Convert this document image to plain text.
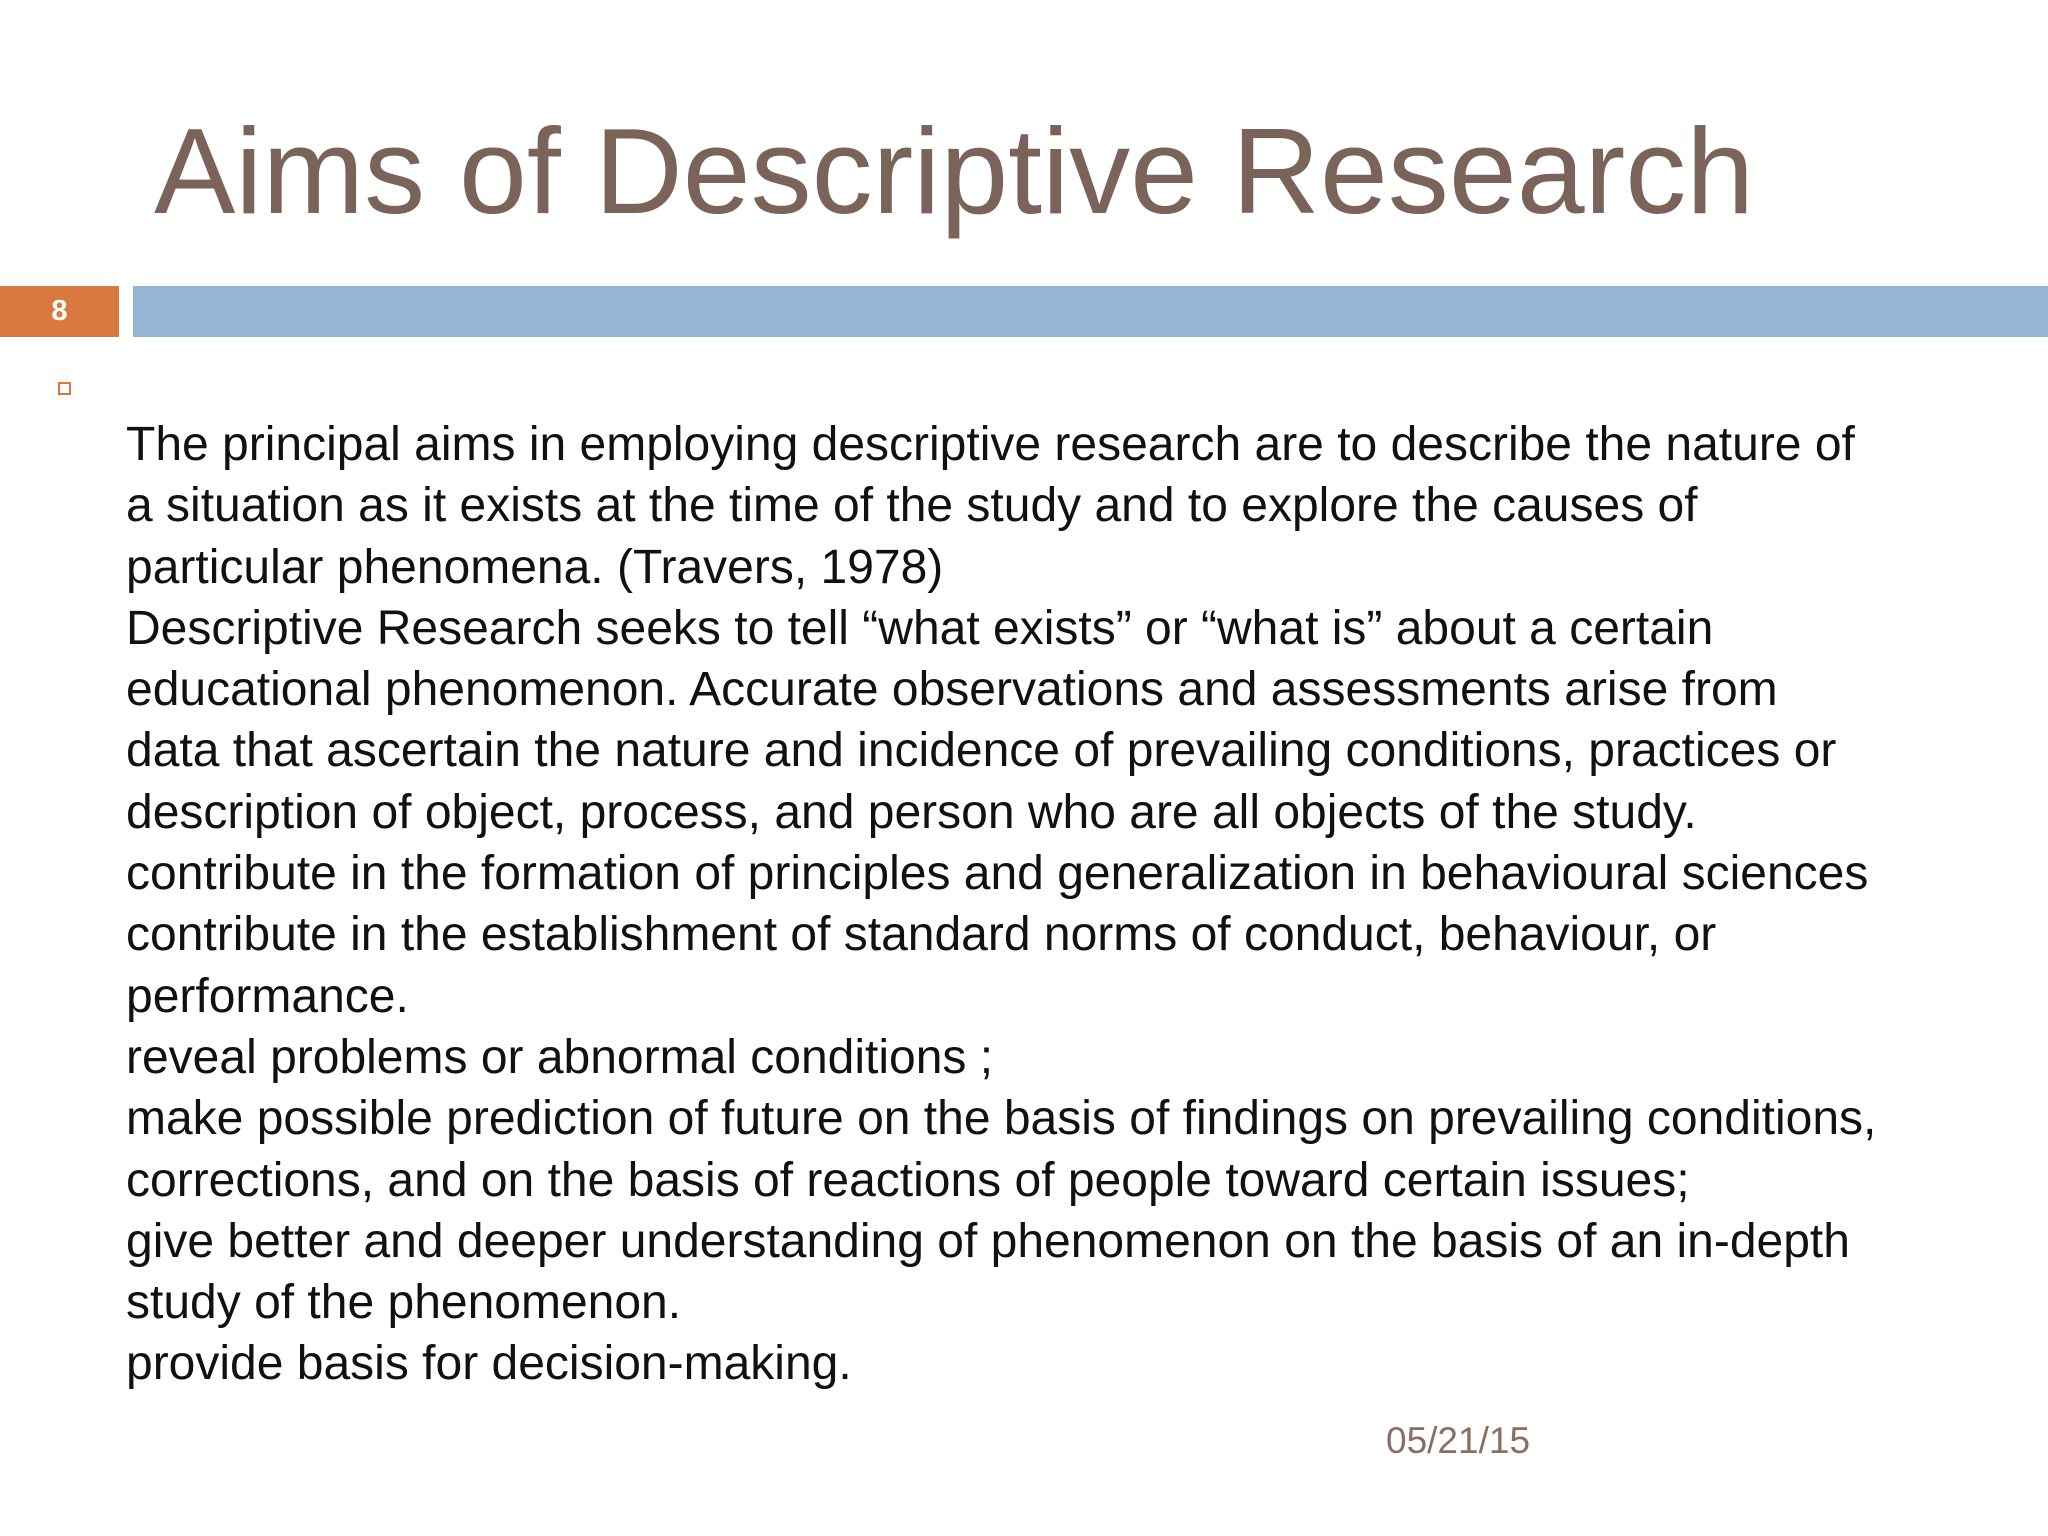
Aims of Descriptive Research
8
The principal aims in employing descriptive research are to describe the nature of
a situation as it exists at the time of the study and to explore the causes of
particular phenomena. (Travers, 1978)
Descriptive Research seeks to tell “what exists” or “what is” about a certain
educational phenomenon. Accurate observations and assessments arise from
data that ascertain the nature and incidence of prevailing conditions, practices or
description of object, process, and person who are all objects of the study.
contribute in the formation of principles and generalization in behavioural sciences
contribute in the establishment of standard norms of conduct, behaviour, or
performance.
reveal problems or abnormal conditions ;
make possible prediction of future on the basis of findings on prevailing conditions,
corrections, and on the basis of reactions of people toward certain issues;
give better and deeper understanding of phenomenon on the basis of an in-depth
study of the phenomenon.
provide basis for decision-making.
05/21/15
